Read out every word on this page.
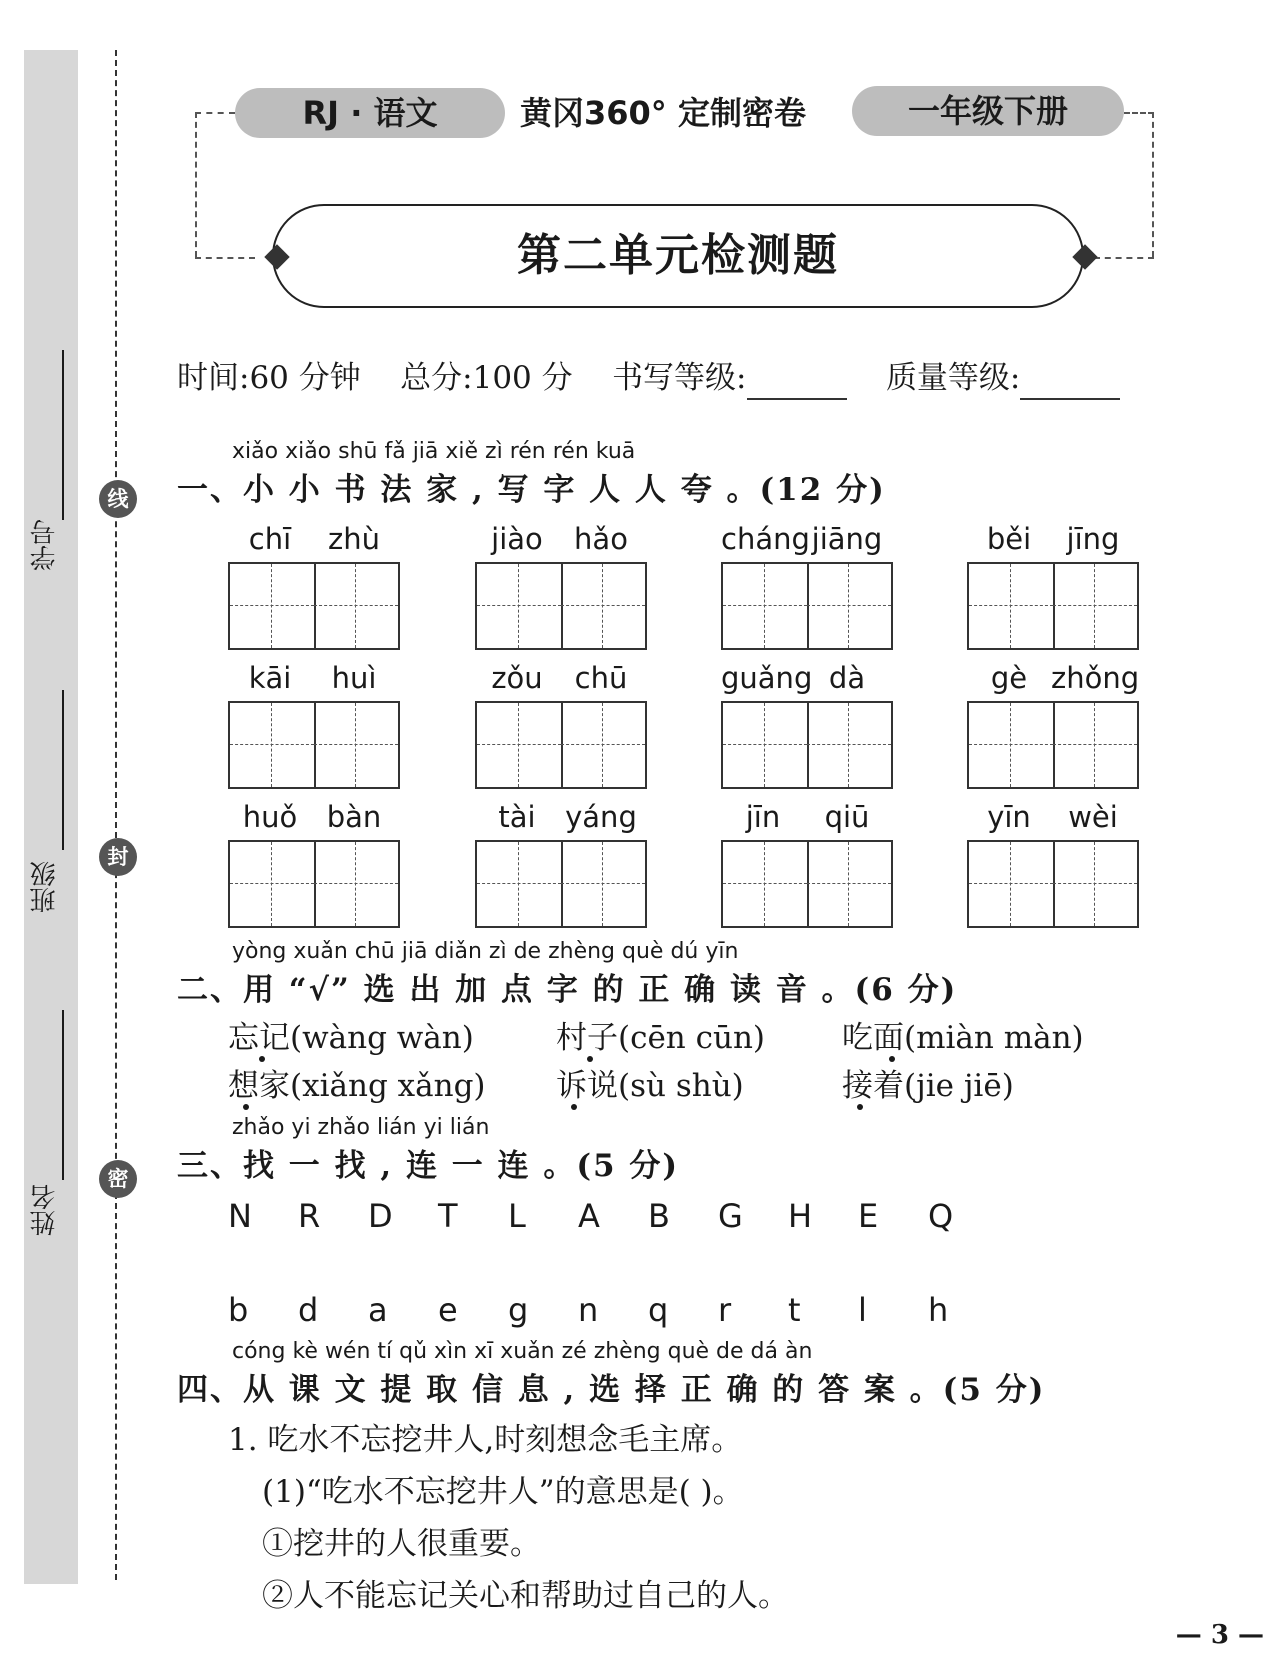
学号
班级
姓名
线
封
密
RJ · 语文	黄冈360° 定制密卷	一年级下册
第二单元检测题
时间:60 分钟 总分:100 分 书写等级:	质量等级:
xiǎo xiǎo shū fǎ jiā xiě zì rén rén kuā
一、小 小 书 法 家 , 写 字 人 人 夸 。(12 分)
chī	zhù	jiào	hǎo	cháng jiāng	běi	jīng
kāi	huì	zǒu	chū	guǎng dà	gè zhǒng
huǒ	bàn	tài	yáng	jīn	qiū	yīn	wèi
yòng xuǎn chū jiā diǎn zì de zhèng què dú yīn
二、用 “√” 选 出 加 点 字 的 正 确 读 音 。(6 分)
忘记(wàng wàn)	村子(cēn cūn) 吃面(miàn màn)
想家(xiǎng xǎng) 诉说(sù shù)	接着(jie jiē)
zhǎo yi zhǎo lián yi lián
三、找 一 找 , 连 一 连 。(5 分)
N R D T L A B G H E Q
b d a e g n q r t l h
cóng kè wén tí qǔ xìn xī xuǎn zé zhèng què de dá àn
四、从 课 文 提 取 信 息 , 选 择 正 确 的 答 案 。(5 分)
1. 吃水不忘挖井人,时刻想念毛主席。
(1)“吃水不忘挖井人”的意思是( )。
①挖井的人很重要。
②人不能忘记关心和帮助过自己的人。
— 3 —
